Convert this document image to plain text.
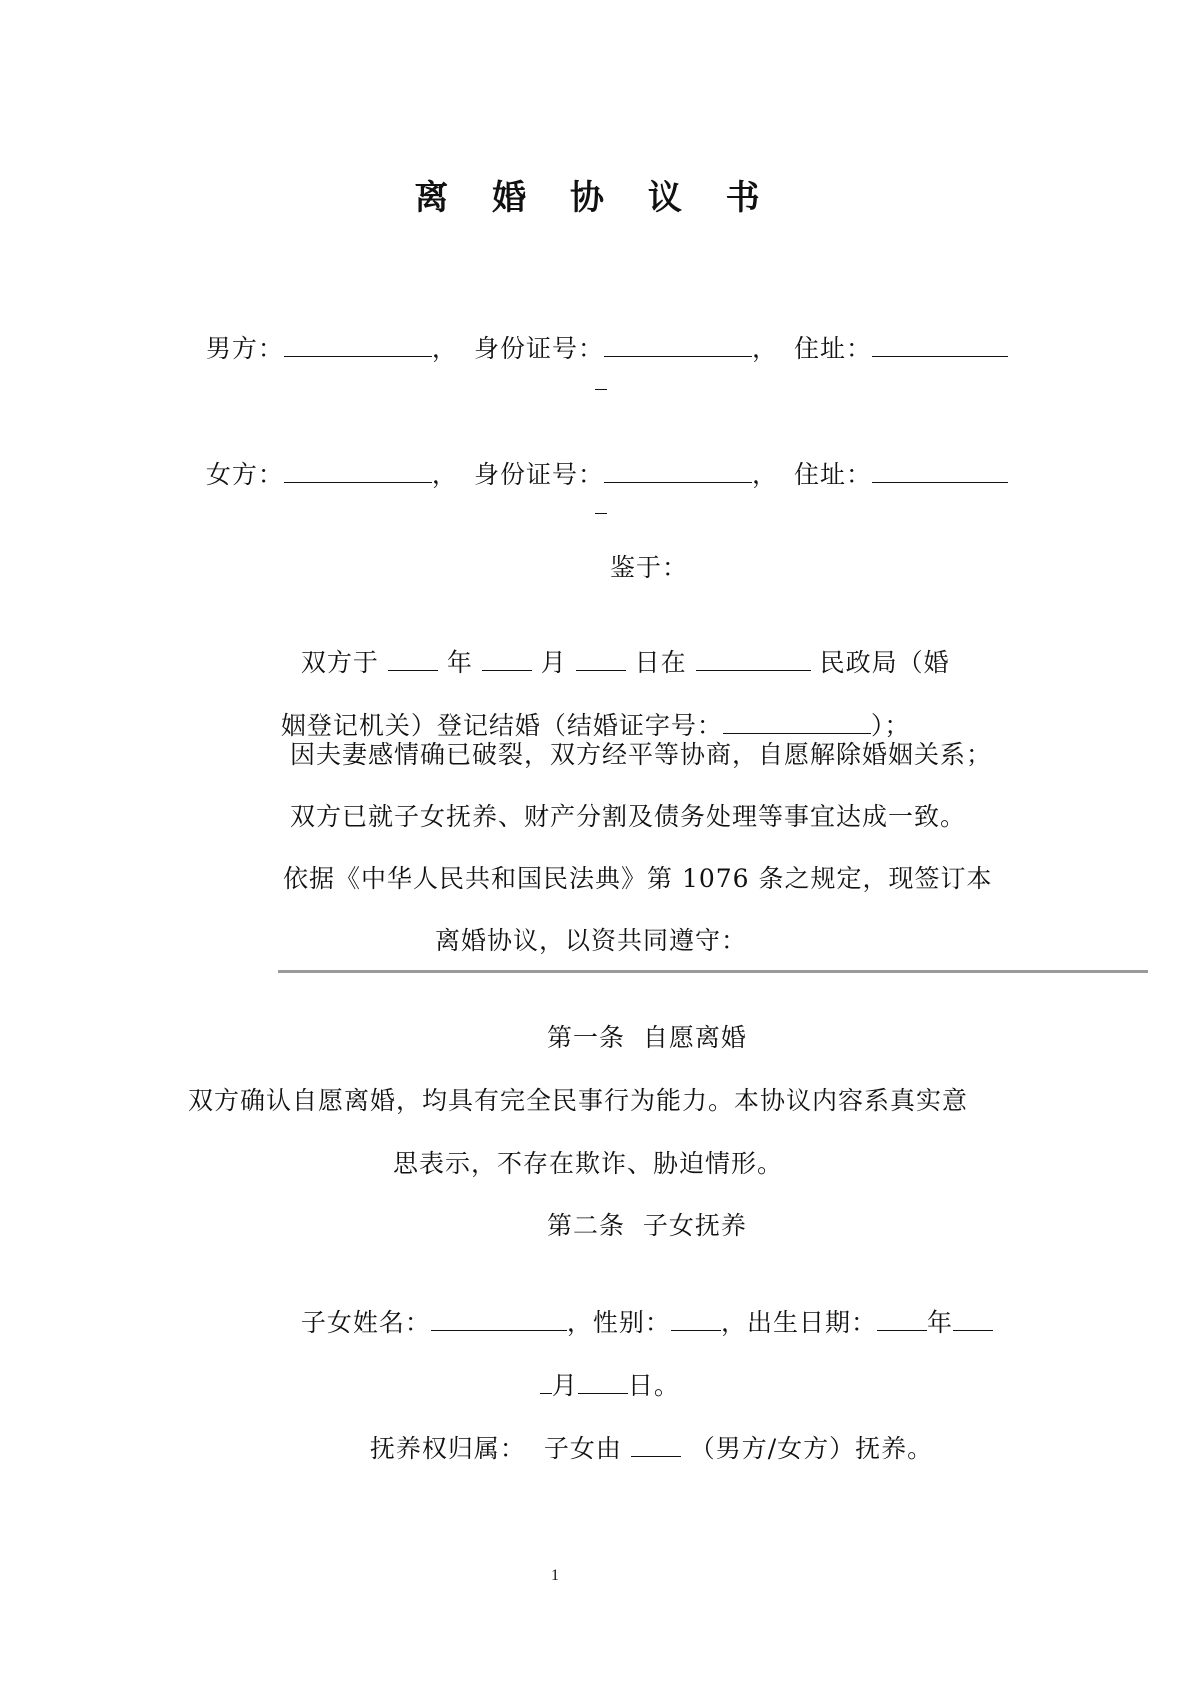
离 婚 协 议 书

男方：	， 身份证号：	， 住址：

女方：	， 身份证号：	， 住址：

鉴于：

双方于	年	月	日在	民政局（婚

姻登记机关）登记结婚（结婚证字号：	）；

因夫妻感情确已破裂，双方经平等协商，自愿解除婚姻关系；
双方已就子女抚养、财产分割及债务处理等事宜达成一致。
依据《中华人民共和国民法典》第 1076 条之规定，现签订本
离婚协议，以资共同遵守：
第一条  自愿离婚
双方确认自愿离婚，均具有完全民事行为能力。本协议内容系真实意
思表示，不存在欺诈、胁迫情形。
第二条  子女抚养

子女姓名：	，性别： ，出生日期： 年

月 日。

抚养权归属： 子女由	（男方/女方）抚养。

1
